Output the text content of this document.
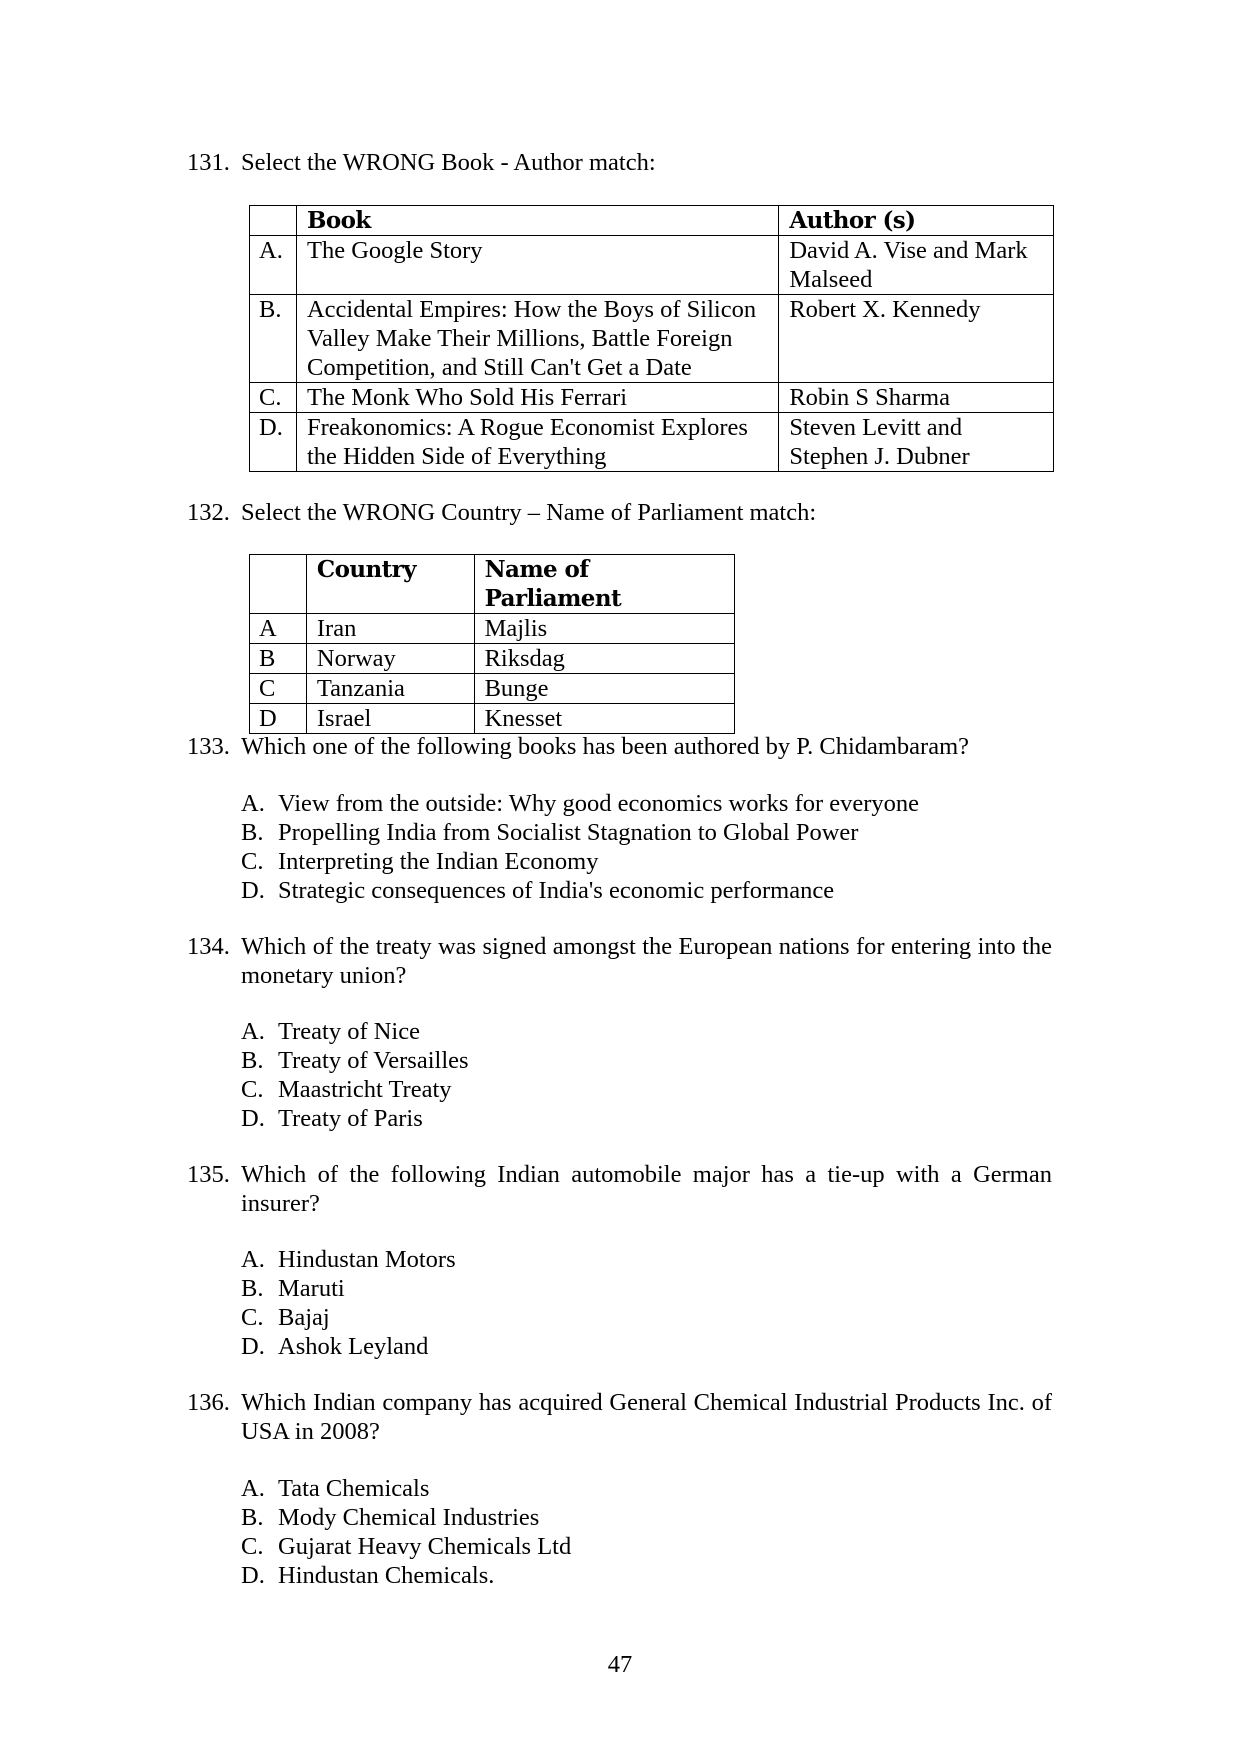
131. Select the WRONG Book - Author match:
	Book	Author (s)
A.	The Google Story	David A. Vise and Mark Malseed
B.	Accidental Empires: How the Boys of Silicon Valley Make Their Millions, Battle Foreign Competition, and Still Can't Get a Date	Robert X. Kennedy
C.	The Monk Who Sold His Ferrari	Robin S Sharma
D.	Freakonomics: A Rogue Economist Explores the Hidden Side of Everything	Steven Levitt and Stephen J. Dubner
132. Select the WRONG Country – Name of Parliament match:
	Country	Name of Parliament
A	Iran	Majlis
B	Norway	Riksdag
C	Tanzania	Bunge
D	Israel	Knesset
133. Which one of the following books has been authored by P. Chidambaram?
A. View from the outside: Why good economics works for everyone
B. Propelling India from Socialist Stagnation to Global Power
C. Interpreting the Indian Economy
D. Strategic consequences of India's economic performance
134. Which of the treaty was signed amongst the European nations for entering into the monetary union?
A. Treaty of Nice
B. Treaty of Versailles
C. Maastricht Treaty
D. Treaty of Paris
135. Which of the following Indian automobile major has a tie-up with a German insurer?
A. Hindustan Motors
B. Maruti
C. Bajaj
D. Ashok Leyland
136. Which Indian company has acquired General Chemical Industrial Products Inc. of USA in 2008?
A. Tata Chemicals
B. Mody Chemical Industries
C. Gujarat Heavy Chemicals Ltd
D. Hindustan Chemicals.
47
